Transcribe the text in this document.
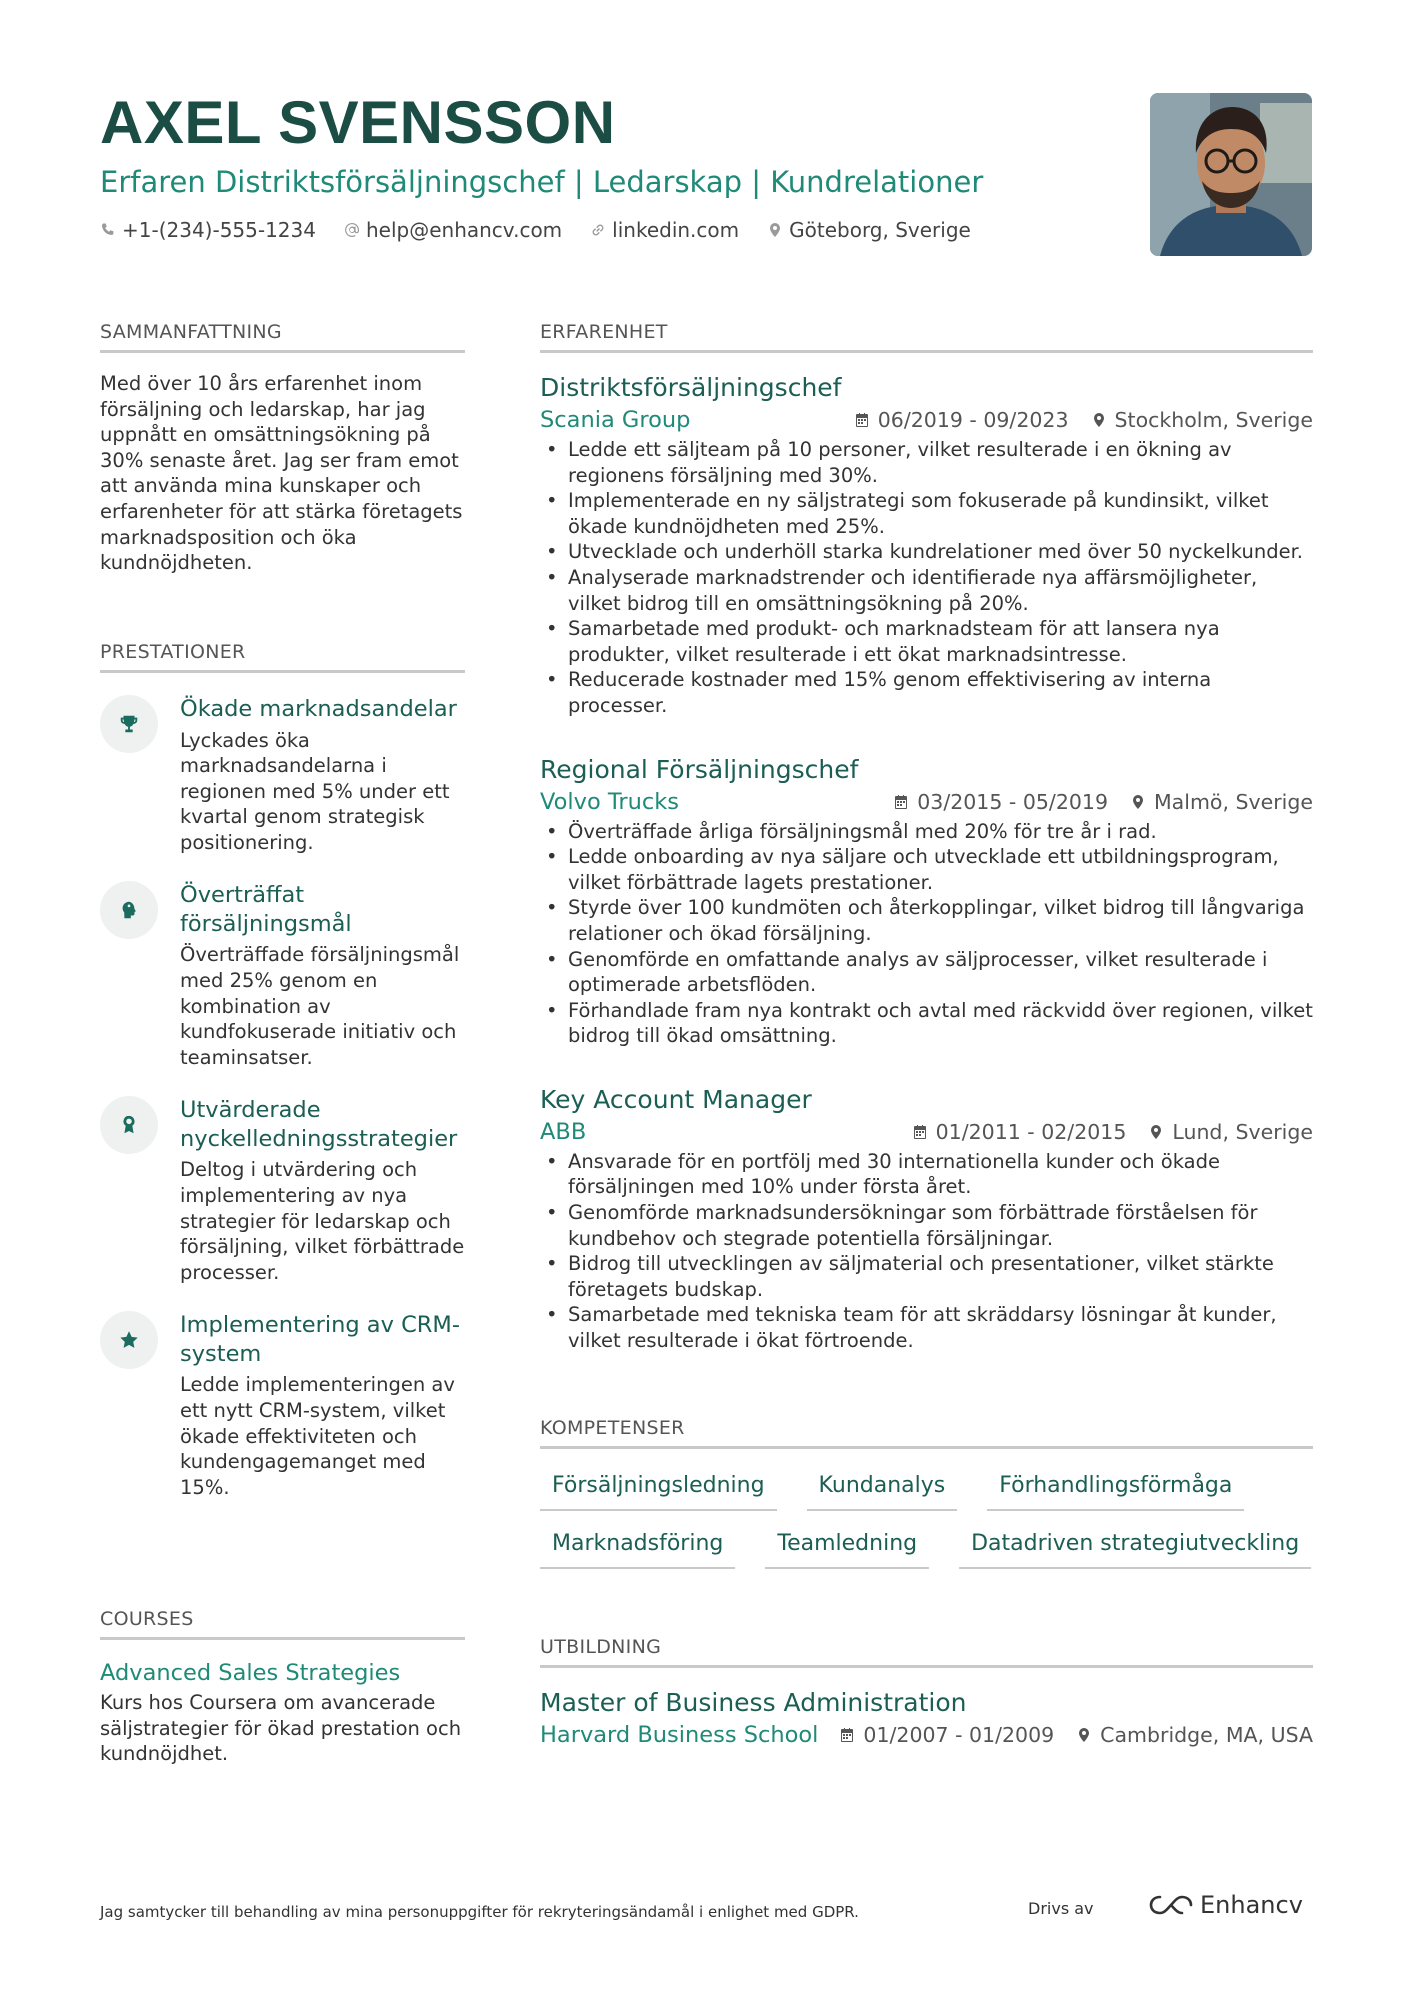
AXEL SVENSSON
Erfaren Distriktsförsäljningschef | Ledarskap | Kundrelationer
+1-(234)-555-1234	help@enhancv.com	linkedin.com	Göteborg, Sverige
SAMMANFATTNING
Med över 10 års erfarenhet inom försäljning och ledarskap, har jag uppnått en omsättningsökning på 30% senaste året. Jag ser fram emot att använda mina kunskaper och erfarenheter för att stärka företagets marknadsposition och öka kundnöjdheten.
PRESTATIONER
Ökade marknadsandelar
Lyckades öka marknadsandelarna i regionen med 5% under ett kvartal genom strategisk positionering.
Överträffat försäljningsmål
Överträffade försäljningsmål med 25% genom en kombination av kundfokuserade initiativ och teaminsatser.
Utvärderade nyckelledningsstrategier
Deltog i utvärdering och implementering av nya strategier för ledarskap och försäljning, vilket förbättrade processer.
Implementering av CRM-system
Ledde implementeringen av ett nytt CRM-system, vilket ökade effektiviteten och kundengagemanget med 15%.
COURSES
Advanced Sales Strategies
Kurs hos Coursera om avancerade säljstrategier för ökad prestation och kundnöjdhet.
ERFARENHET
Distriktsförsäljningschef
Scania Group	06/2019 - 09/2023 Stockholm, Sverige
• Ledde ett säljteam på 10 personer, vilket resulterade i en ökning av regionens försäljning med 30%.
• Implementerade en ny säljstrategi som fokuserade på kundinsikt, vilket ökade kundnöjdheten med 25%.
• Utvecklade och underhöll starka kundrelationer med över 50 nyckelkunder.
• Analyserade marknadstrender och identifierade nya affärsmöjligheter, vilket bidrog till en omsättningsökning på 20%.
• Samarbetade med produkt- och marknadsteam för att lansera nya produkter, vilket resulterade i ett ökat marknadsintresse.
• Reducerade kostnader med 15% genom effektivisering av interna processer.
Regional Försäljningschef
Volvo Trucks	03/2015 - 05/2019 Malmö, Sverige
• Överträffade årliga försäljningsmål med 20% för tre år i rad.
• Ledde onboarding av nya säljare och utvecklade ett utbildningsprogram, vilket förbättrade lagets prestationer.
• Styrde över 100 kundmöten och återkopplingar, vilket bidrog till långvariga relationer och ökad försäljning.
• Genomförde en omfattande analys av säljprocesser, vilket resulterade i optimerade arbetsflöden.
• Förhandlade fram nya kontrakt och avtal med räckvidd över regionen, vilket bidrog till ökad omsättning.
Key Account Manager
ABB	01/2011 - 02/2015 Lund, Sverige
• Ansvarade för en portfölj med 30 internationella kunder och ökade försäljningen med 10% under första året.
• Genomförde marknadsundersökningar som förbättrade förståelsen för kundbehov och stegrade potentiella försäljningar.
• Bidrog till utvecklingen av säljmaterial och presentationer, vilket stärkte företagets budskap.
• Samarbetade med tekniska team för att skräddarsy lösningar åt kunder, vilket resulterade i ökat förtroende.
KOMPETENSER
Försäljningsledning	Kundanalys	Förhandlingsförmåga
Marknadsföring	Teamledning	Datadriven strategiutveckling
UTBILDNING
Master of Business Administration
Harvard Business School 01/2007 - 01/2009 Cambridge, MA, USA
Jag samtycker till behandling av mina personuppgifter för rekryteringsändamål i enlighet med GDPR.	Drivs av	Enhancv
